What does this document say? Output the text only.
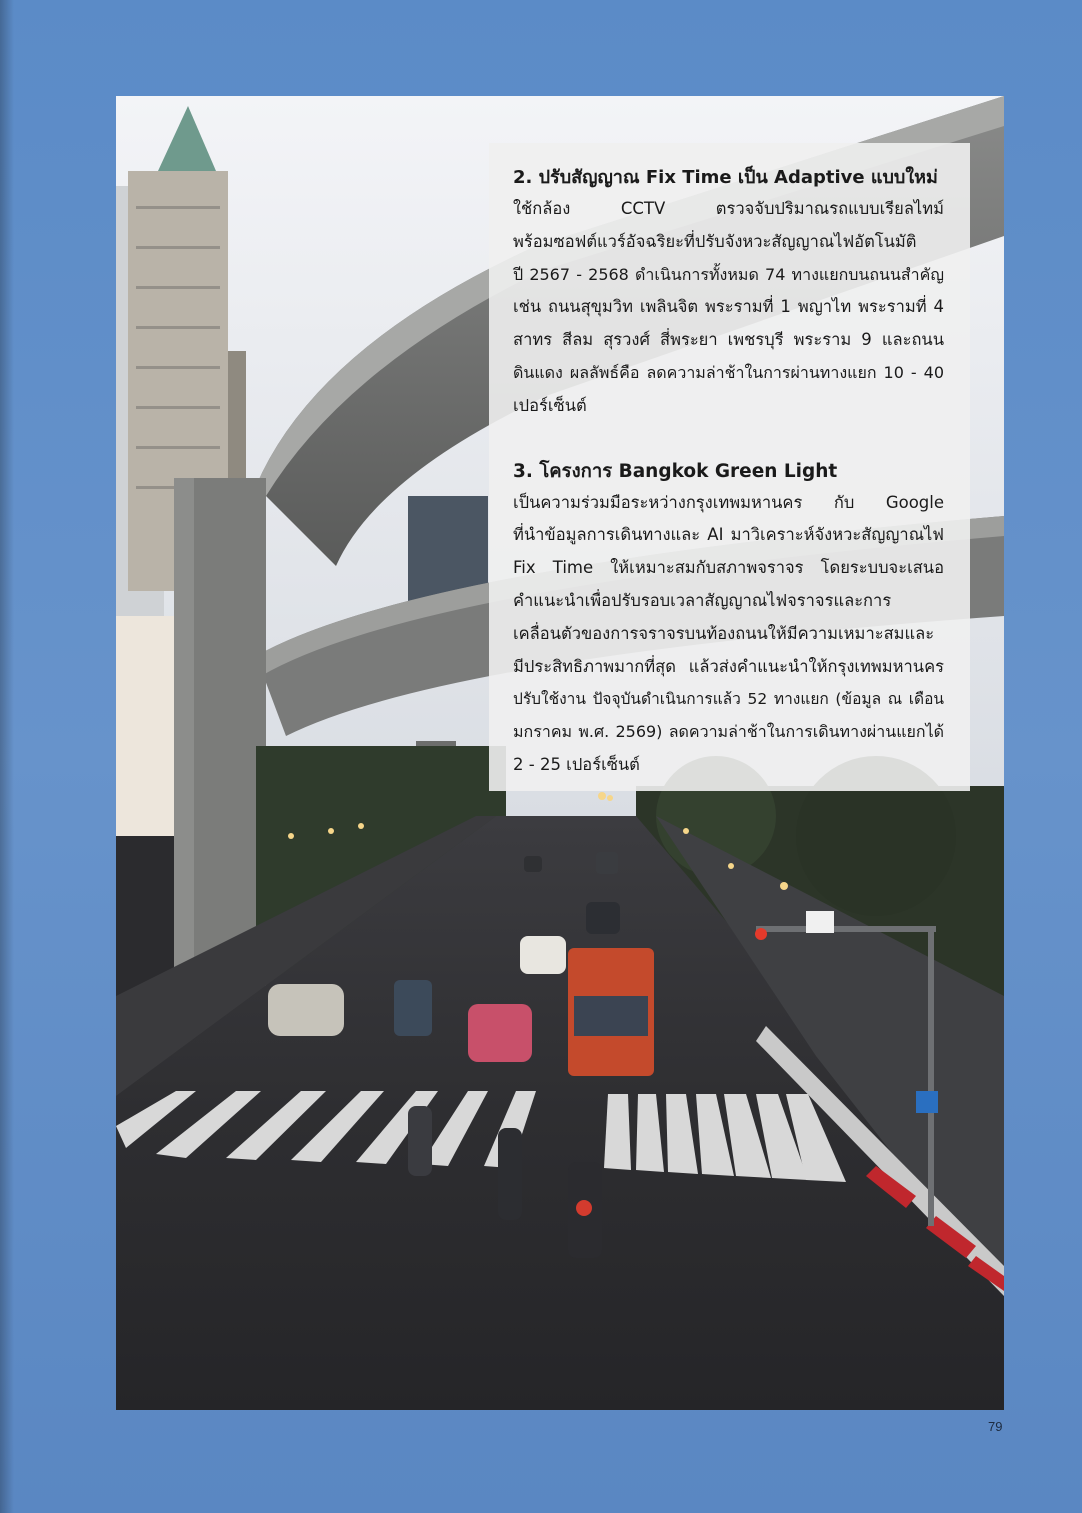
2. ปรับสัญญาณ Fix Time เป็น Adaptive แบบใหม่

ใช้กล้อง CCTV ตรวจจับปริมาณรถแบบเรียลไทม์
พร้อมซอฟต์แวร์อัจฉริยะที่ปรับจังหวะสัญญาณไฟอัตโนมัติ
ปี 2567 - 2568 ดำเนินการทั้งหมด 74 ทางแยกบนถนนสำคัญ
เช่น ถนนสุขุมวิท เพลินจิต พระรามที่ 1 พญาไท พระรามที่ 4
สาทร สีลม สุรวงศ์ สี่พระยา เพชรบุรี พระราม 9 และถนน
ดินแดง ผลลัพธ์คือ ลดความล่าช้าในการผ่านทางแยก 10 - 40
เปอร์เซ็นต์

3. โครงการ Bangkok Green Light

เป็นความร่วมมือระหว่างกรุงเทพมหานคร กับ Google
ที่นำข้อมูลการเดินทางและ AI มาวิเคราะห์จังหวะสัญญาณไฟ
Fix Time ให้เหมาะสมกับสภาพจราจร โดยระบบจะเสนอ
คำแนะนำเพื่อปรับรอบเวลาสัญญาณไฟจราจรและการ
เคลื่อนตัวของการจราจรบนท้องถนนให้มีความเหมาะสมและ
มีประสิทธิภาพมากที่สุด แล้วส่งคำแนะนำให้กรุงเทพมหานคร
ปรับใช้งาน ปัจจุบันดำเนินการแล้ว 52 ทางแยก (ข้อมูล ณ เดือน
มกราคม พ.ศ. 2569) ลดความล่าช้าในการเดินทางผ่านแยกได้
2 - 25 เปอร์เซ็นต์

79
